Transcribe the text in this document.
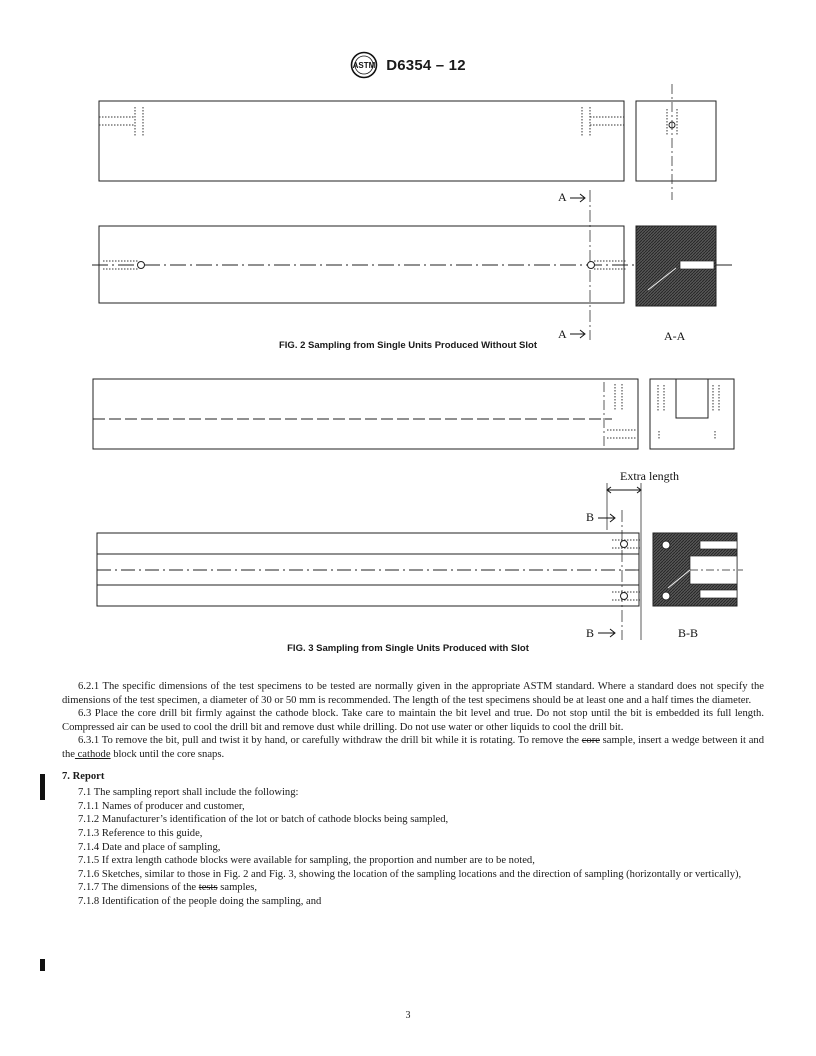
ASTM D6354 – 12
A
A	A-A
FIG. 2 Sampling from Single Units Produced Without Slot
Extra length
B
B	B-B
FIG. 3 Sampling from Single Units Produced with Slot

6.2.1 The specific dimensions of the test specimens to be tested are normally given in the appropriate ASTM standard. Where a standard does not specify the dimensions of the test specimen, a diameter of 30 or 50 mm is recommended. The length of the test specimens should be at least one and a half times the diameter.

6.3 Place the core drill bit firmly against the cathode block. Take care to maintain the bit level and true. Do not stop until the bit is embedded its full length. Compressed air can be used to cool the drill bit and remove dust while drilling. Do not use water or other liquids to cool the drill bit.

6.3.1 To remove the bit, pull and twist it by hand, or carefully withdraw the drill bit while it is rotating. To remove the core sample, insert a wedge between it and the cathode block until the core snaps.

7. Report

7.1 The sampling report shall include the following:

7.1.1 Names of producer and customer,

7.1.2 Manufacturer’s identification of the lot or batch of cathode blocks being sampled,

7.1.3 Reference to this guide,

7.1.4 Date and place of sampling,

7.1.5 If extra length cathode blocks were available for sampling, the proportion and number are to be noted,

7.1.6 Sketches, similar to those in Fig. 2 and Fig. 3, showing the location of the sampling locations and the direction of sampling (horizontally or vertically),

7.1.7 The dimensions of the tests samples,

7.1.8 Identification of the people doing the sampling, and

3
